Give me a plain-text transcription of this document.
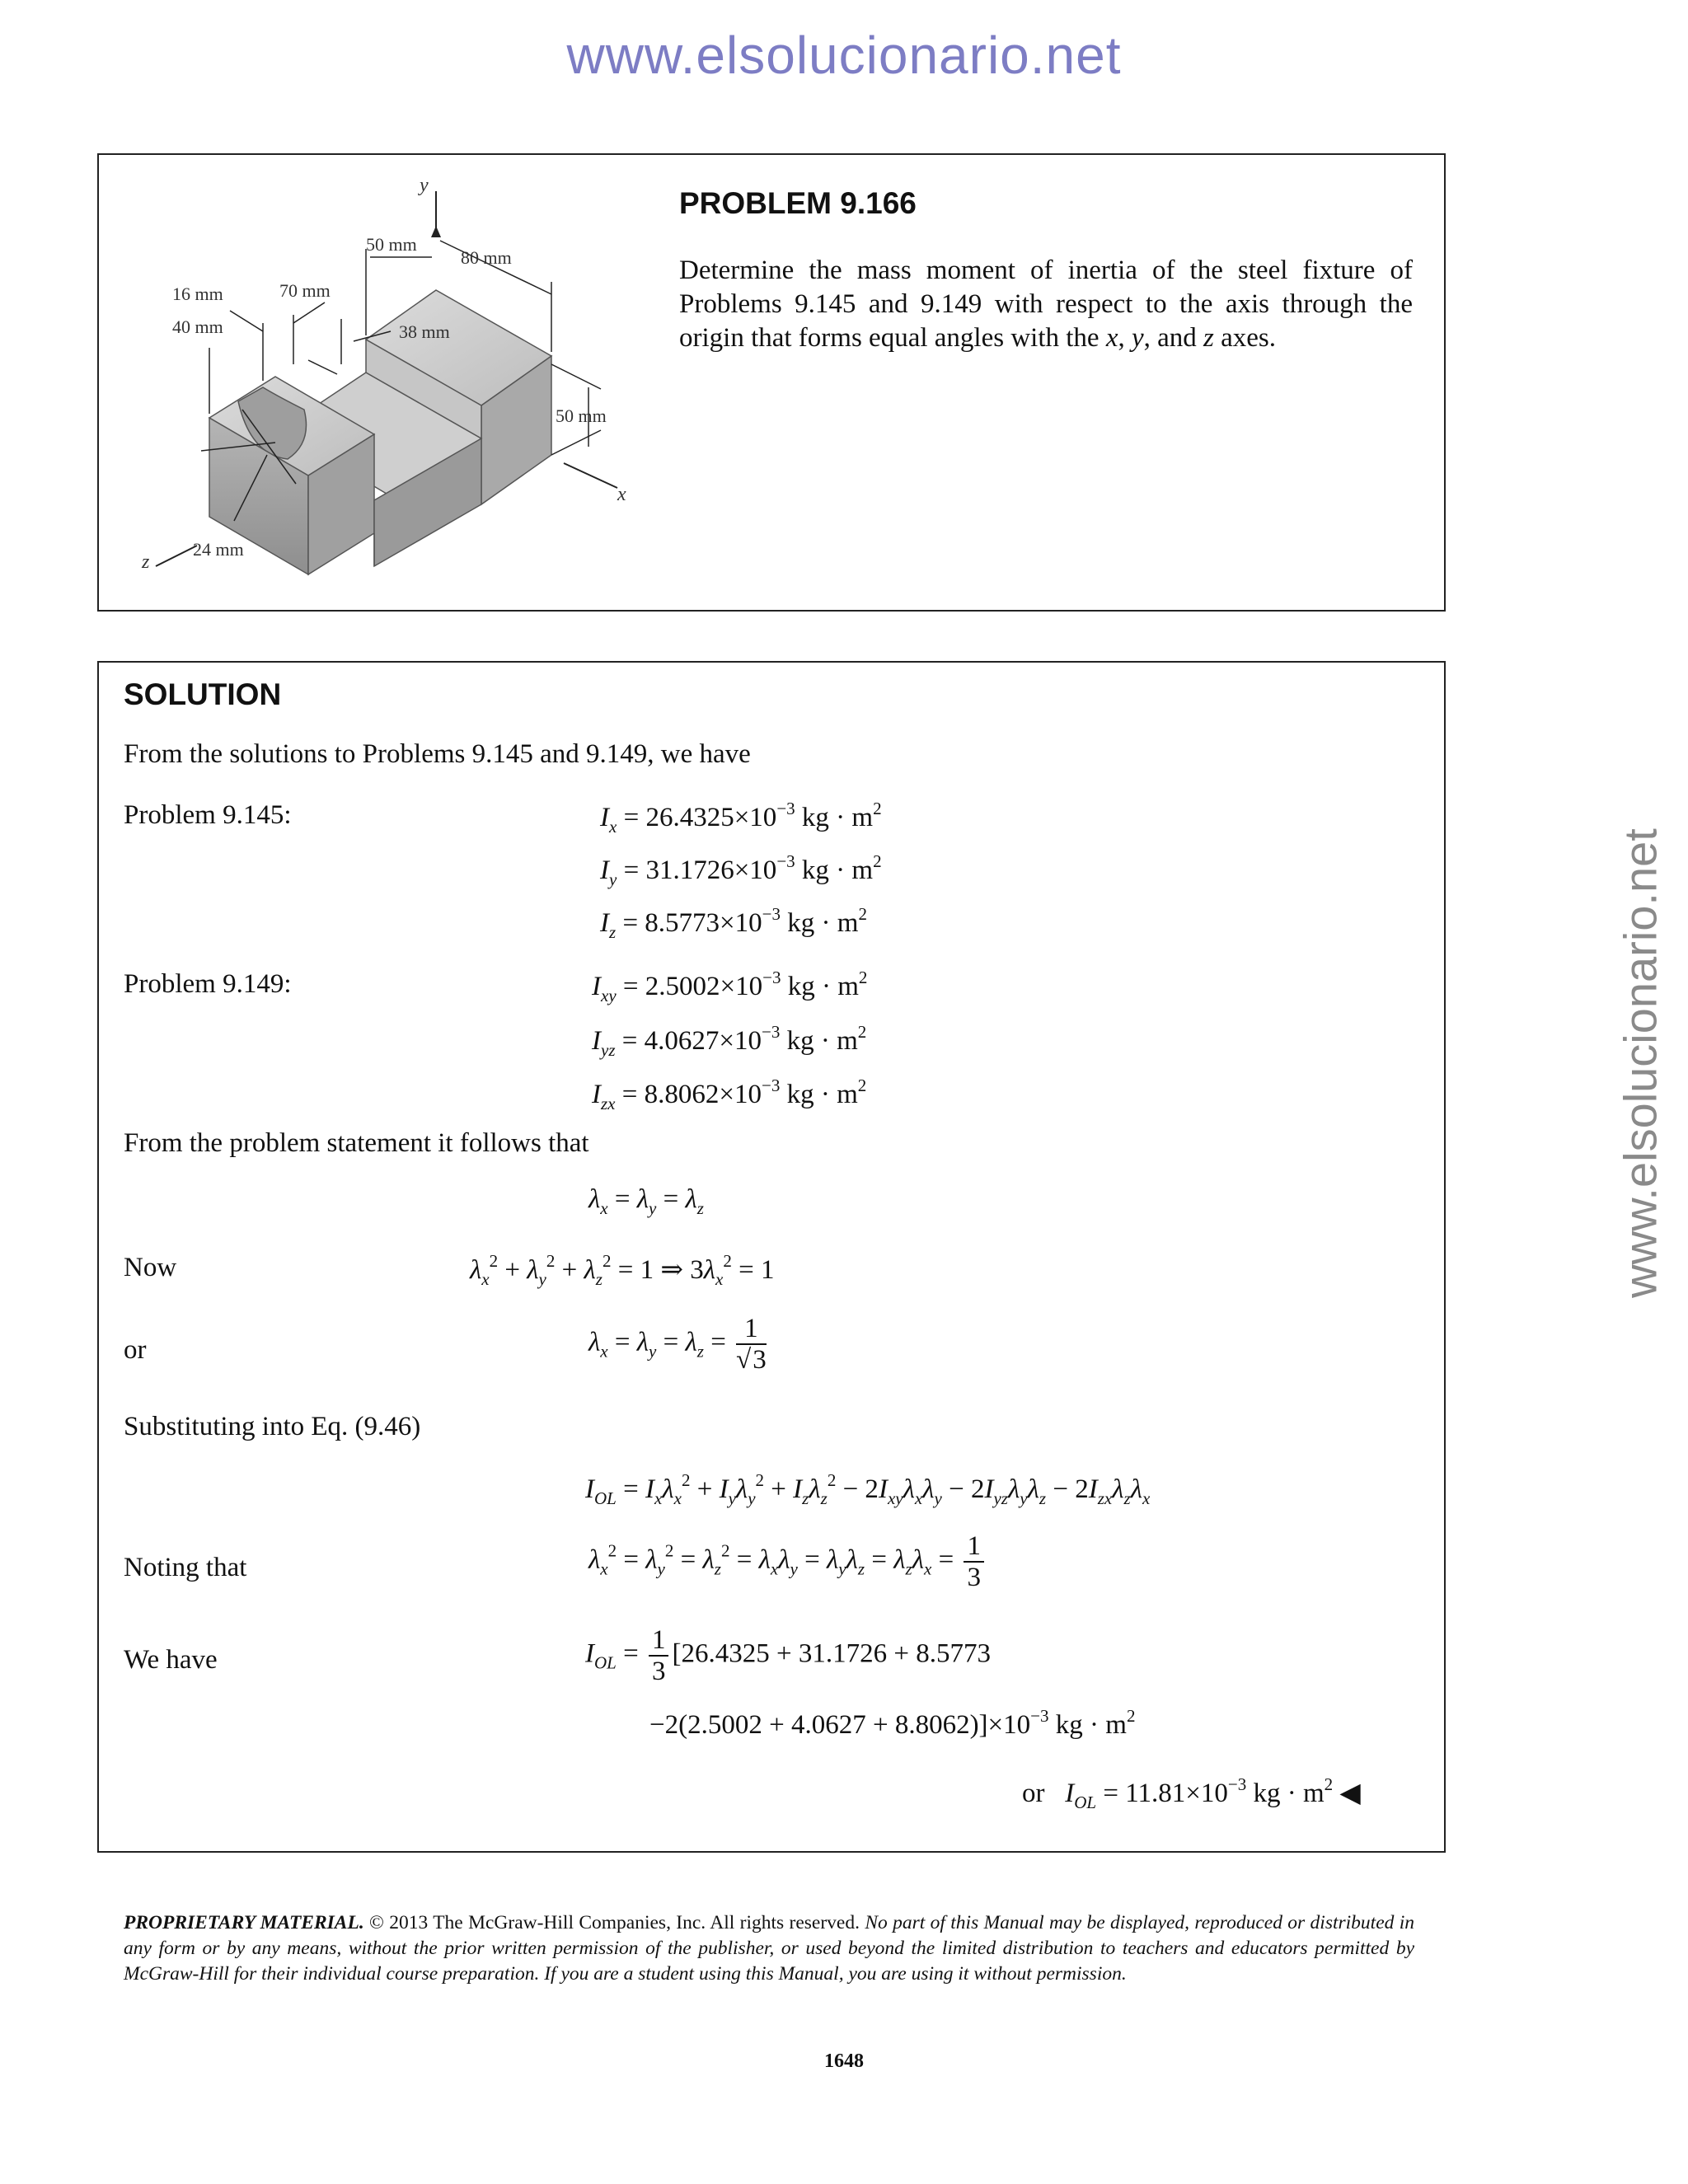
www.elsolucionario.net
www.elsolucionario.net
y
x
z
50 mm
80 mm
16 mm	70 mm
40 mm	38 mm
50 mm
24 mm
PROBLEM 9.166
Determine the mass moment of inertia of the steel fixture of Problems 9.145 and 9.149 with respect to the axis through the origin that forms equal angles with the x, y, and z axes.
SOLUTION
From the solutions to Problems 9.145 and 9.149, we have
Problem 9.145:	$I_x = 26.4325\times 10^{-3}$ kg · $m^2$
$I_y = 31.1726\times 10^{-3}$ kg · $m^2$
$I_z = 8.5773\times 10^{-3}$ kg · $m^2$
Problem 9.149:	$I_{xy} = 2.5002\times 10^{-3}$ kg · $m^2$
$I_{yz} = 4.0627\times 10^{-3}$ kg · $m^2$
$I_{zx} = 8.8062\times 10^{-3}$ kg · $m^2$
From the problem statement it follows that
$\lambda_x = \lambda_y = \lambda_z$
Now	$\lambda_x^2 + \lambda_y^2 + \lambda_z^2 = 1$ ⇒ $3\lambda_x^2 = 1$
or	$\lambda_x = \lambda_y = \lambda_z = \frac{1}{√3}$
Substituting into Eq. (9.46)
$I_{OL} = I_x\lambda_x^2 + I_y\lambda_y^2 + I_z\lambda_z^2 - 2I_{xy}\lambda_x\lambda_y - 2I_{yz}\lambda_y\lambda_z - 2I_{zx}\lambda_z\lambda_x$
Noting that	$\lambda_x^2 = \lambda_y^2 = \lambda_z^2 = \lambda_x\lambda_y = \lambda_y\lambda_z = \lambda_z\lambda_x = \frac{1}{3}$
We have	$I_{OL} = \frac{1}{3} [26.4325 + 31.1726 + 8.5773$
$-2(2.5002 + 4.0627 + 8.8062)]\times 10^{-3}$ kg · $m^2$
or $I_{OL} = 11.81\times 10^{-3}$ kg · $m^2$ ◀
PROPRIETARY MATERIAL. © 2013 The McGraw-Hill Companies, Inc. All rights reserved. No part of this Manual may be displayed, reproduced or distributed in any form or by any means, without the prior written permission of the publisher, or used beyond the limited distribution to teachers and educators permitted by McGraw-Hill for their individual course preparation. If you are a student using this Manual, you are using it without permission.
1648
